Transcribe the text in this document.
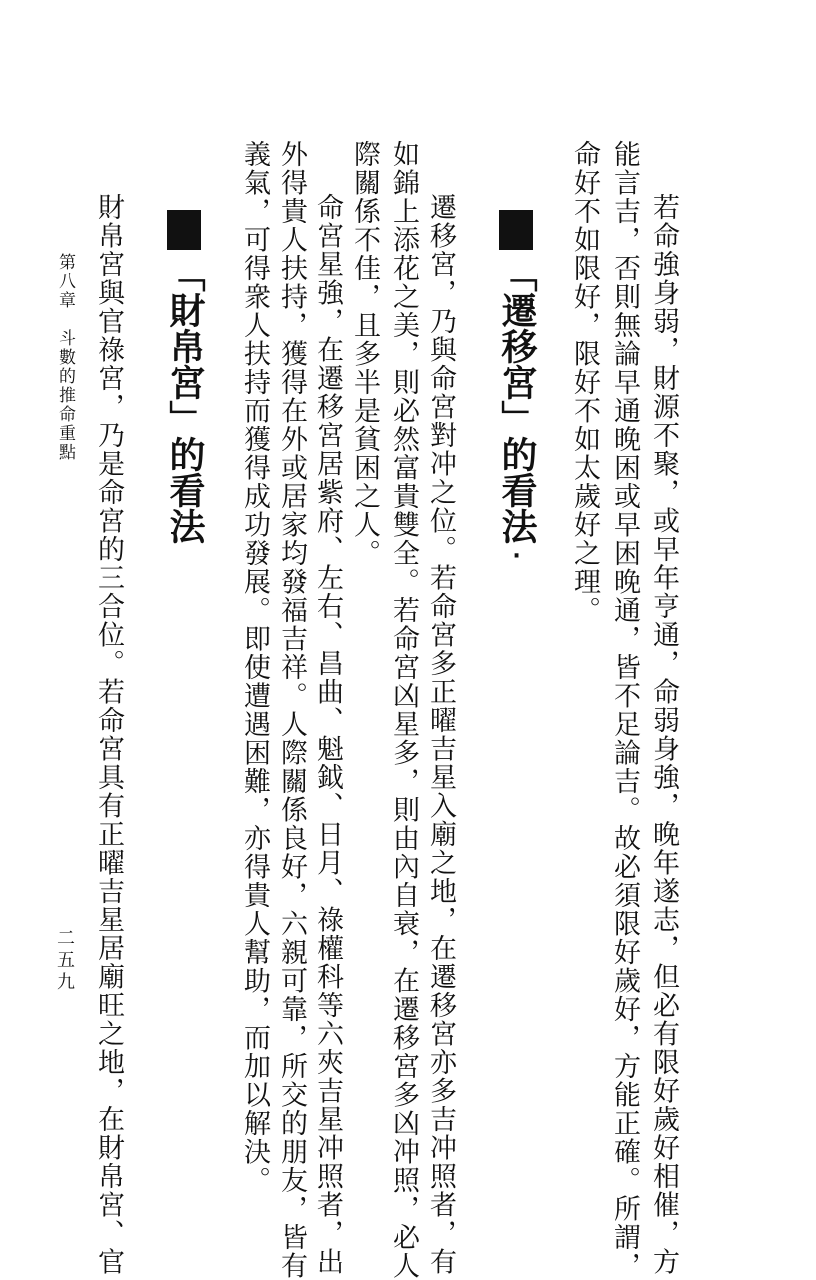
若命強身弱，財源不聚，或早年亨通，命弱身強，晚年遂志，但必有限好歲好相催，方
能言吉，否則無論早通晚困或早困晚通，皆不足論吉。故必須限好歲好，方能正確。所謂，
命好不如限好，限好不如太歲好之理。
「遷移宮」的看法·
遷移宮，乃與命宮對冲之位。若命宮多正曜吉星入廟之地，在遷移宮亦多吉冲照者，有
如錦上添花之美，則必然富貴雙全。若命宮凶星多，則由內自衰，在遷移宮多凶冲照，必人
際關係不佳，且多半是貧困之人。
命宮星強，在遷移宮居紫府、左右、昌曲、魁鉞、日月、祿權科等六夾吉星冲照者，出
外得貴人扶持，獲得在外或居家均發福吉祥。人際關係良好，六親可靠，所交的朋友，皆有
義氣，可得衆人扶持而獲得成功發展。即使遭遇困難，亦得貴人幫助，而加以解決。
「財帛宮」的看法
財帛宮與官祿宮，乃是命宮的三合位。若命宮具有正曜吉星居廟旺之地，在財帛宮、官
第八章　斗數的推命重點
二五九
